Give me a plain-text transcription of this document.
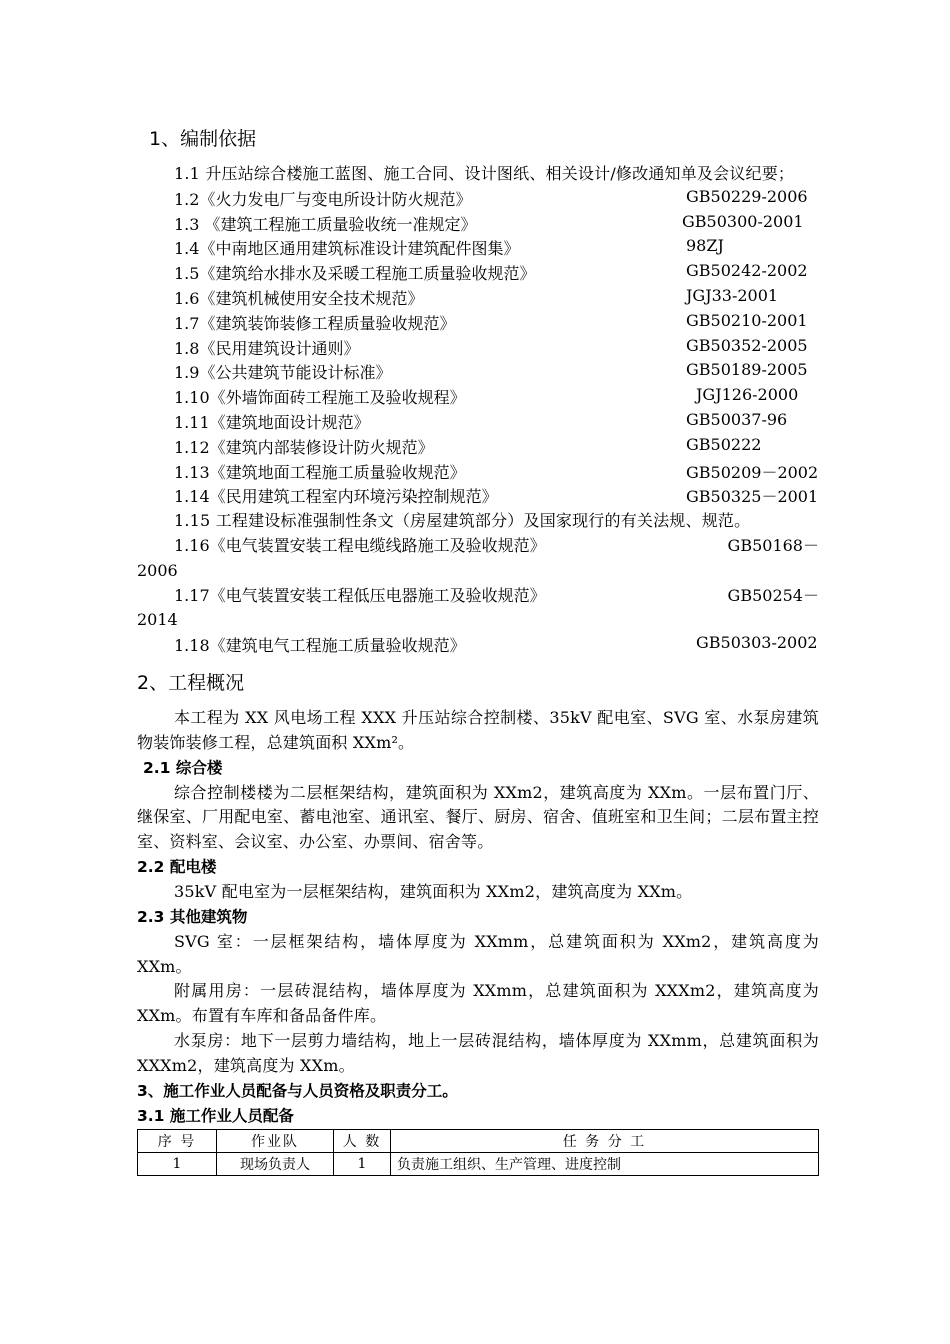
1、编制依据

1.1 升压站综合楼施工蓝图、施工合同、设计图纸、相关设计/修改通知单及会议纪要；

1.2《火力发电厂与变电所设计防火规范》	GB50229-2006
1.3 《建筑工程施工质量验收统一准规定》	GB50300-2001
1.4《中南地区通用建筑标准设计建筑配件图集》	98ZJ
1.5《建筑给水排水及采暖工程施工质量验收规范》	GB50242-2002
1.6《建筑机械使用安全技术规范》	JGJ33-2001
1.7《建筑装饰装修工程质量验收规范》	GB50210-2001
1.8《民用建筑设计通则》	GB50352-2005
1.9《公共建筑节能设计标准》	GB50189-2005
1.10《外墙饰面砖工程施工及验收规程》	JGJ126-2000
1.11《建筑地面设计规范》	GB50037-96
1.12《建筑内部装修设计防火规范》	GB50222
1.13《建筑地面工程施工质量验收规范》	GB50209－2002
1.14《民用建筑工程室内环境污染控制规范》	GB50325－2001

1.15 工程建设标准强制性条文（房屋建筑部分）及国家现行的有关法规、规范。

1.16《电气装置安装工程电缆线路施工及验收规范》	GB50168－
2006
1.17《电气装置安装工程低压电器施工及验收规范》	GB50254－
2014
1.18《建筑电气工程施工质量验收规范》	GB50303-2002
2、工程概况

本工程为 XX 风电场工程 XXX 升压站综合控制楼、35kV 配电室、SVG 室、水泵房建筑物装饰装修工程，总建筑面积 XXm²。

2.1 综合楼

综合控制楼楼为二层框架结构，建筑面积为 XXm2，建筑高度为 XXm。一层布置门厅、继保室、厂用配电室、蓄电池室、通讯室、餐厅、厨房、宿舍、值班室和卫生间；二层布置主控室、资料室、会议室、办公室、办票间、宿舍等。

2.2 配电楼

35kV 配电室为一层框架结构，建筑面积为 XXm2，建筑高度为 XXm。

2.3 其他建筑物

SVG 室：一层框架结构，墙体厚度为 XXmm，总建筑面积为 XXm2，建筑高度为 XXm。

附属用房：一层砖混结构，墙体厚度为 XXmm，总建筑面积为 XXXm2，建筑高度为 XXm。布置有车库和备品备件库。

水泵房：地下一层剪力墙结构，地上一层砖混结构，墙体厚度为 XXmm，总建筑面积为 XXXm2，建筑高度为 XXm。

3、施工作业人员配备与人员资格及职责分工。
3.1 施工作业人员配备
序 号	作业队	人 数	任 务 分 工
1	现场负责人	1	负责施工组织、生产管理、进度控制
